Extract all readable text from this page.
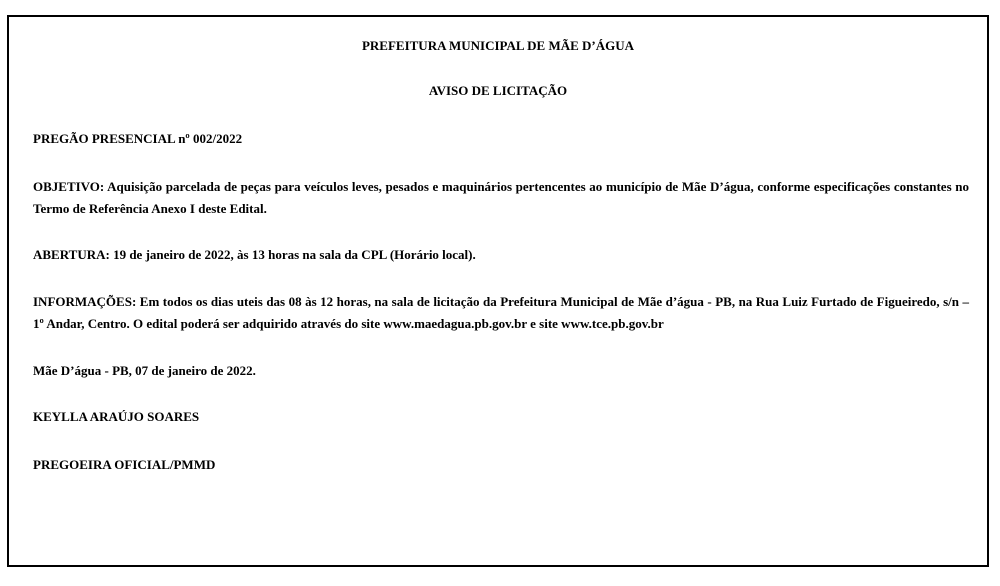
PREFEITURA MUNICIPAL DE MÃE D’ÁGUA
AVISO DE LICITAÇÃO

PREGÃO PRESENCIAL nº 002/2022

OBJETIVO: Aquisição parcelada de peças para veículos leves, pesados e maquinários pertencentes ao município de Mãe D’água, conforme especificações constantes no Termo de Referência Anexo I deste Edital.

ABERTURA: 19 de janeiro de 2022, às 13 horas na sala da CPL (Horário local).

INFORMAÇÕES: Em todos os dias uteis das 08 às 12 horas, na sala de licitação da Prefeitura Municipal de Mãe d’água - PB, na Rua Luiz Furtado de Figueiredo, s/n – 1º Andar, Centro. O edital poderá ser adquirido através do site www.maedagua.pb.gov.br e site www.tce.pb.gov.br

Mãe D’água - PB, 07 de janeiro de 2022.

KEYLLA ARAÚJO SOARES

PREGOEIRA OFICIAL/PMMD
